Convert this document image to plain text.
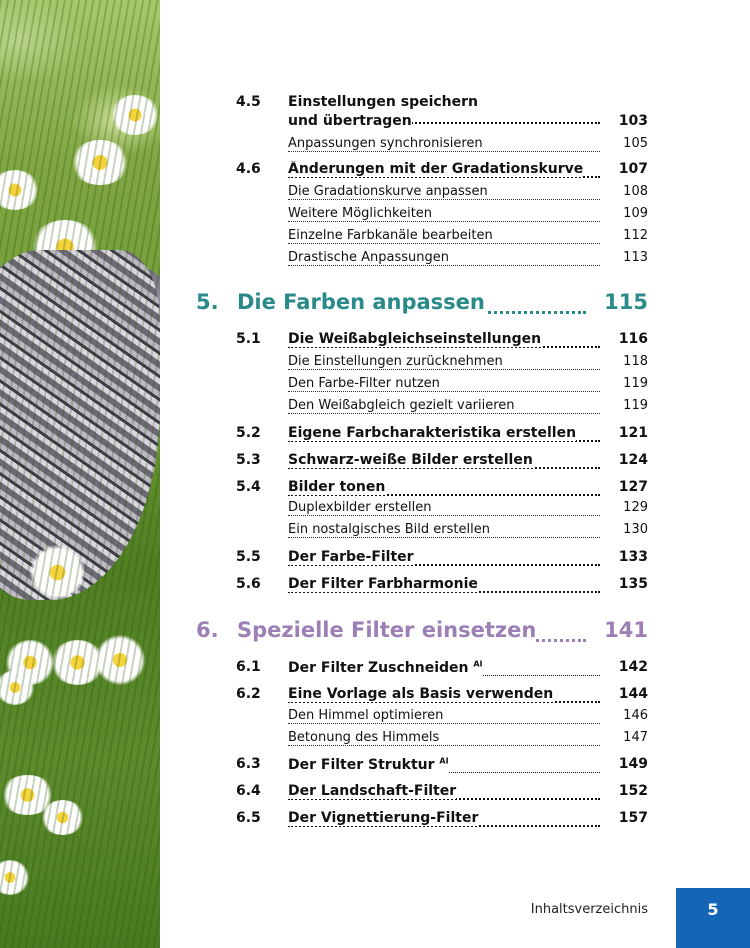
4.5 Einstellungen speichern
und übertragen	103
Anpassungen synchronisieren	105
4.6 Änderungen mit der Gradationskurve	107
Die Gradationskurve anpassen	108
Weitere Möglichkeiten	109
Einzelne Farbkanäle bearbeiten	112
Drastische Anpassungen	113
5. Die Farben anpassen	115
5.1 Die Weißabgleichseinstellungen	116
Die Einstellungen zurücknehmen	118
Den Farbe-Filter nutzen	119
Den Weißabgleich gezielt variieren	119
5.2 Eigene Farbcharakteristika erstellen	121
5.3 Schwarz-weiße Bilder erstellen	124
5.4 Bilder tonen	127
Duplexbilder erstellen	129
Ein nostalgisches Bild erstellen	130
5.5 Der Farbe-Filter	133
5.6 Der Filter Farbharmonie	135
6. Spezielle Filter einsetzen	141
6.1 Der Filter Zuschneiden $^{AI}$	142
6.2 Eine Vorlage als Basis verwenden	144
Den Himmel optimieren	146
Betonung des Himmels	147
6.3 Der Filter Struktur $^{AI}$	149
6.4 Der Landschaft-Filter	152
6.5 Der Vignettierung-Filter	157
Inhaltsverzeichnis	5
